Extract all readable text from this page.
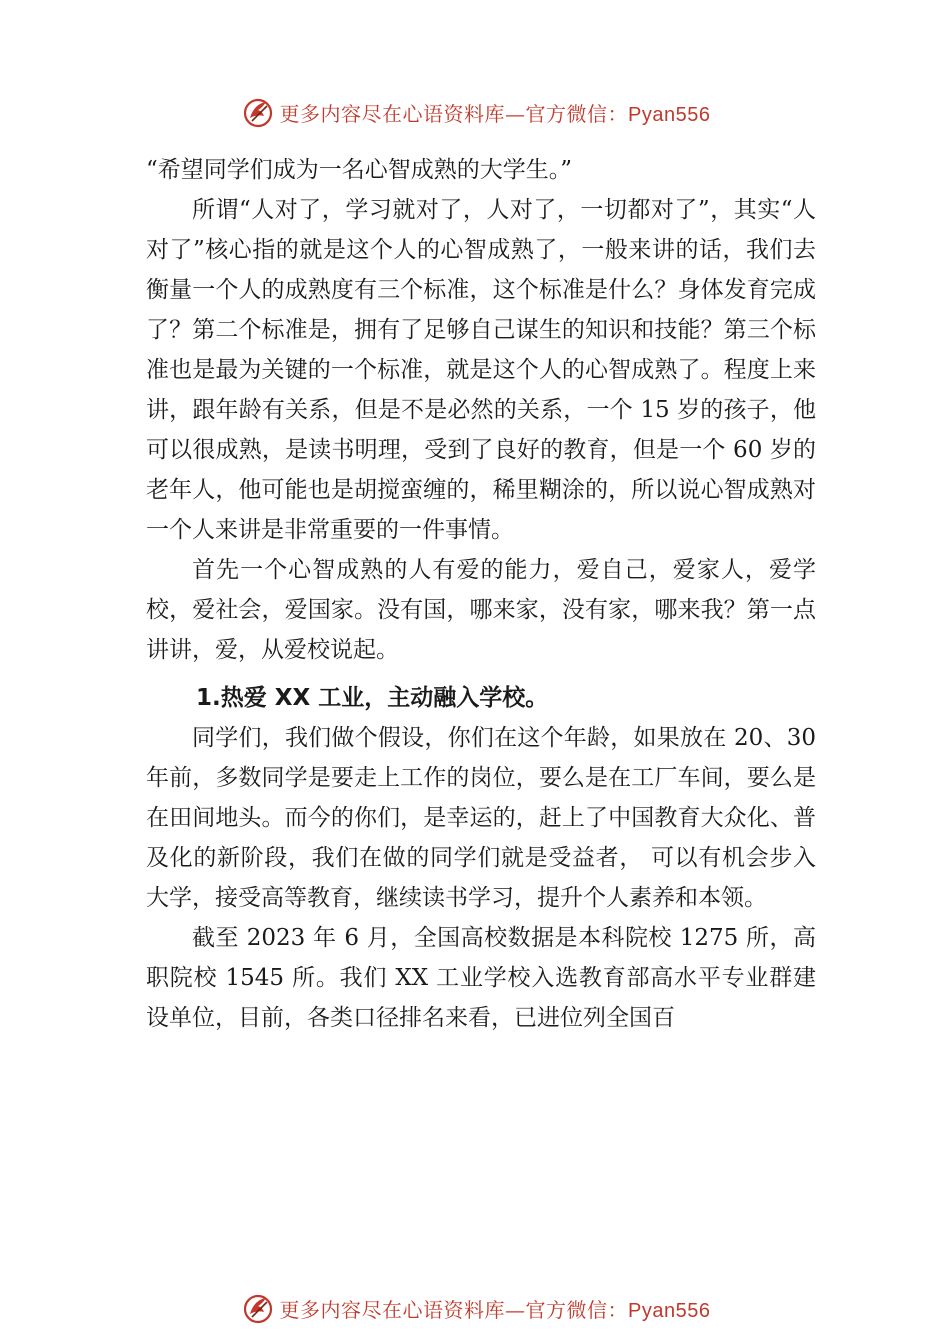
更多内容尽在心语资料库—官方微信：Pyan556

“希望同学们成为一名心智成熟的大学生。”

所谓“人对了，学习就对了，人对了，一切都对了”，其实“人对了”核心指的就是这个人的心智成熟了，一般来讲的话，我们去衡量一个人的成熟度有三个标准，这个标准是什么？身体发育完成了？第二个标准是，拥有了足够自己谋生的知识和技能？第三个标准也是最为关键的一个标准，就是这个人的心智成熟了。程度上来讲，跟年龄有关系，但是不是必然的关系，一个 15 岁的孩子，他可以很成熟，是读书明理，受到了良好的教育，但是一个 60 岁的老年人，他可能也是胡搅蛮缠的，稀里糊涂的，所以说心智成熟对一个人来讲是非常重要的一件事情。

首先一个心智成熟的人有爱的能力，爱自己，爱家人，爱学校，爱社会，爱国家。没有国，哪来家，没有家，哪来我？第一点讲讲，爱，从爱校说起。

1.热爱 XX 工业，主动融入学校。

同学们，我们做个假设，你们在这个年龄，如果放在 20、30 年前，多数同学是要走上工作的岗位，要么是在工厂车间，要么是在田间地头。而今的你们，是幸运的，赶上了中国教育大众化、普及化的新阶段，我们在做的同学们就是受益者， 可以有机会步入大学，接受高等教育，继续读书学习，提升个人素养和本领。

截至 2023 年 6 月，全国高校数据是本科院校 1275 所，高职院校 1545 所。我们 XX 工业学校入选教育部高水平专业群建设单位，目前，各类口径排名来看，已进位列全国百

更多内容尽在心语资料库—官方微信：Pyan556
